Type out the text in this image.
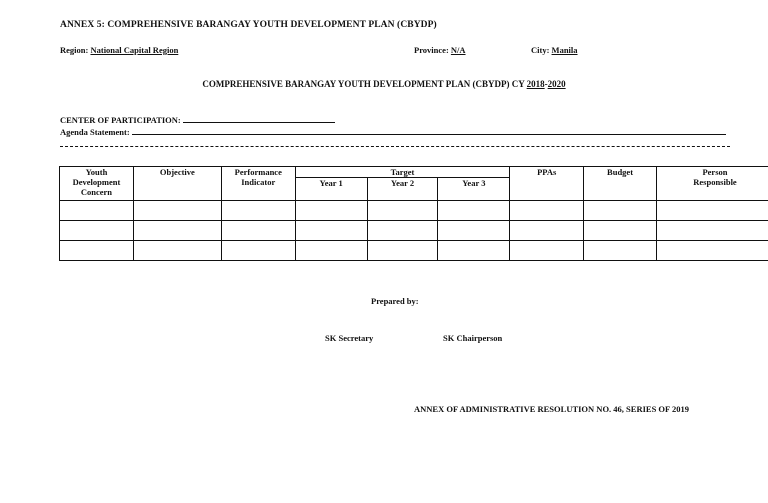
ANNEX 5: COMPREHENSIVE BARANGAY YOUTH DEVELOPMENT PLAN (CBYDP)
Region: National Capital Region	Province: N/A	City: Manila
COMPREHENSIVE BARANGAY YOUTH DEVELOPMENT PLAN (CBYDP) CY 2018-2020
CENTER OF PARTICIPATION:
Agenda Statement:
Youth Development Concern	Objective	Performance Indicator	Target			PPAs	Budget	Person Responsible
			Year 1	Year 2	Year 3			

Prepared by:
SK Secretary	SK Chairperson
ANNEX OF ADMINISTRATIVE RESOLUTION NO. 46, SERIES OF 2019
